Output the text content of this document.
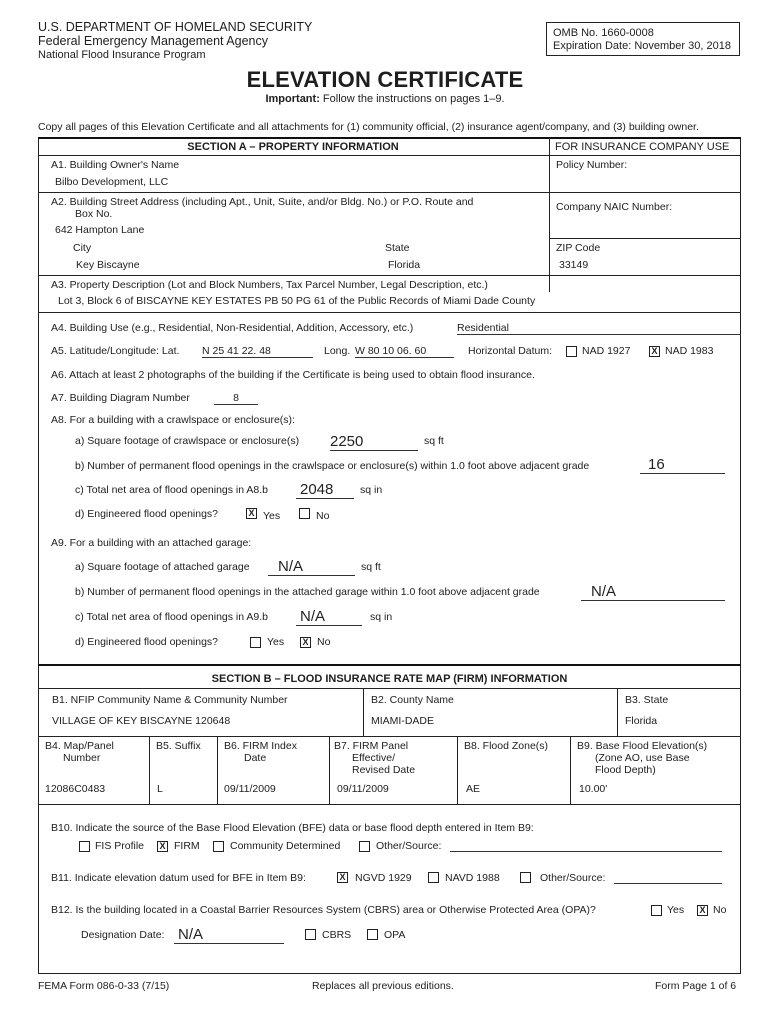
U.S. DEPARTMENT OF HOMELAND SECURITY
Federal Emergency Management Agency
National Flood Insurance Program
OMB No. 1660-0008
Expiration Date: November 30, 2018
ELEVATION CERTIFICATE
Important: Follow the instructions on pages 1–9.
Copy all pages of this Elevation Certificate and all attachments for (1) community official, (2) insurance agent/company, and (3) building owner.
SECTION A – PROPERTY INFORMATION	FOR INSURANCE COMPANY USE
A1. Building Owner's Name
Bilbo Development, LLC
Policy Number:
A2. Building Street Address (including Apt., Unit, Suite, and/or Bldg. No.) or P.O. Route and
Box No.
642 Hampton Lane
Company NAIC Number:
City
Key Biscayne
State
Florida
ZIP Code
33149
A3. Property Description (Lot and Block Numbers, Tax Parcel Number, Legal Description, etc.)
Lot 3, Block 6 of BISCAYNE KEY ESTATES PB 50 PG 61 of the Public Records of Miami Dade County
A4. Building Use (e.g., Residential, Non-Residential, Addition, Accessory, etc.)	Residential
A5. Latitude/Longitude: Lat. N 25 41 22. 48	Long. W 80 10 06. 60	Horizontal Datum:	NAD 1927 X NAD 1983
A6. Attach at least 2 photographs of the building if the Certificate is being used to obtain flood insurance.
A7. Building Diagram Number	8
A8. For a building with a crawlspace or enclosure(s):
a) Square footage of crawlspace or enclosure(s) 2250	sq ft
b) Number of permanent flood openings in the crawlspace or enclosure(s) within 1.0 foot above adjacent grade	16
c) Total net area of flood openings in A8.b 2048	sq in
d) Engineered flood openings?	X Yes	No
A9. For a building with an attached garage:
a) Square footage of attached garage	N/A	sq ft
b) Number of permanent flood openings in the attached garage within 1.0 foot above adjacent grade	N/A
c) Total net area of flood openings in A9.b N/A	sq in
d) Engineered flood openings?	Yes X No
SECTION B – FLOOD INSURANCE RATE MAP (FIRM) INFORMATION
B1. NFIP Community Name & Community Number
VILLAGE OF KEY BISCAYNE 120648
B2. County Name
MIAMI-DADE
B3. State
Florida
B4. Map/Panel
Number
12086C0483
B5. Suffix
L
B6. FIRM Index
Date
09/11/2009
B7. FIRM Panel
Effective/
Revised Date
09/11/2009
B8. Flood Zone(s)
AE
B9. Base Flood Elevation(s)
(Zone AO, use Base
Flood Depth)
10.00'
B10. Indicate the source of the Base Flood Elevation (BFE) data or base flood depth entered in Item B9:
FIS Profile X FIRM	Community Determined	Other/Source:
B11. Indicate elevation datum used for BFE in Item B9:	X NGVD 1929	NAVD 1988	Other/Source:
B12. Is the building located in a Coastal Barrier Resources System (CBRS) area or Otherwise Protected Area (OPA)?	Yes X No
Designation Date: N/A	CBRS	OPA
FEMA Form 086-0-33 (7/15)	Replaces all previous editions.	Form Page 1 of 6
